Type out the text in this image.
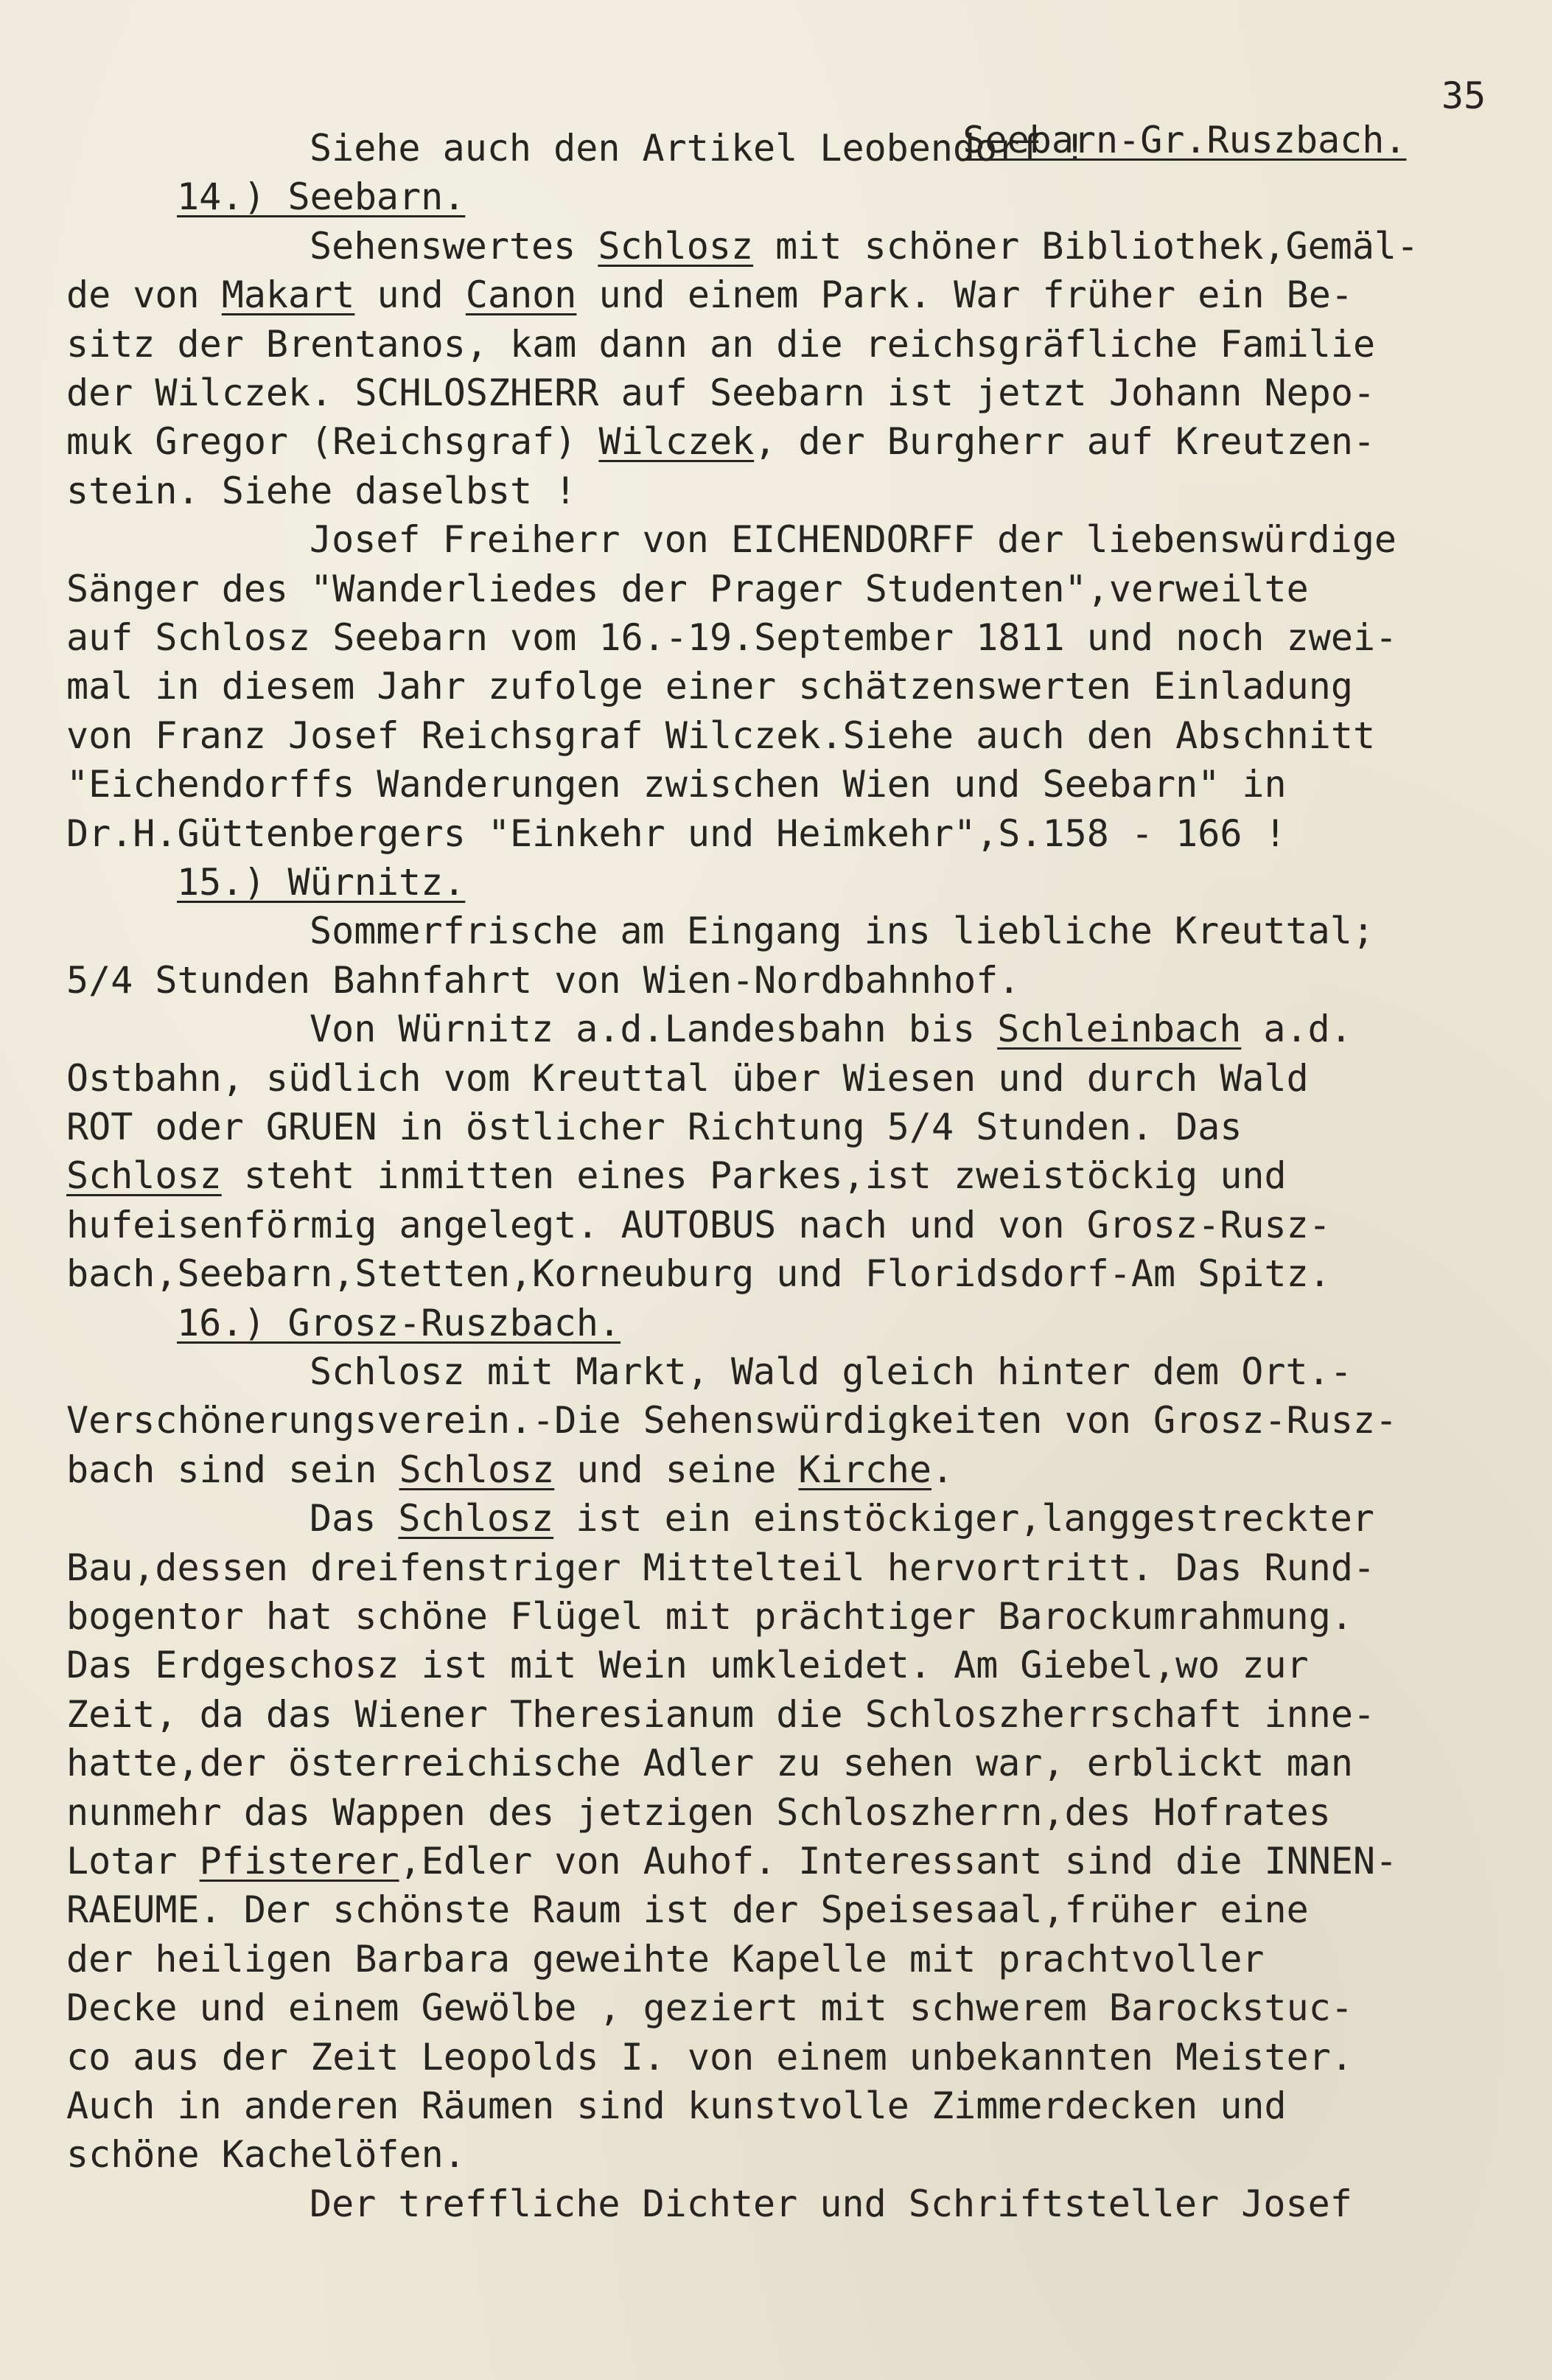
Seebarn-Gr.Ruszbach.

35

Siehe auch den Artikel Leobendorf !
14.) Seebarn.
Sehenswertes Schlosz mit schöner Bibliothek,Gemäl-
de von Makart und Canon und einem Park. War früher ein Be-
sitz der Brentanos, kam dann an die reichsgräfliche Familie
der Wilczek. SCHLOSZHERR auf Seebarn ist jetzt Johann Nepo-
muk Gregor (Reichsgraf) Wilczek, der Burgherr auf Kreutzen-
stein. Siehe daselbst !
Josef Freiherr von EICHENDORFF der liebenswürdige
Sänger des "Wanderliedes der Prager Studenten",verweilte
auf Schlosz Seebarn vom 16.-19.September 1811 und noch zwei-
mal in diesem Jahr zufolge einer schätzenswerten Einladung
von Franz Josef Reichsgraf Wilczek.Siehe auch den Abschnitt
"Eichendorffs Wanderungen zwischen Wien und Seebarn" in
Dr.H.Güttenbergers "Einkehr und Heimkehr",S.158 - 166 !
15.) Würnitz.
Sommerfrische am Eingang ins liebliche Kreuttal;
5/4 Stunden Bahnfahrt von Wien-Nordbahnhof.
Von Würnitz a.d.Landesbahn bis Schleinbach a.d.
Ostbahn, südlich vom Kreuttal über Wiesen und durch Wald
ROT oder GRUEN in östlicher Richtung 5/4 Stunden. Das
Schlosz steht inmitten eines Parkes,ist zweistöckig und
hufeisenförmig angelegt. AUTOBUS nach und von Grosz-Rusz-
bach,Seebarn,Stetten,Korneuburg und Floridsdorf-Am Spitz.
16.) Grosz-Ruszbach.
Schlosz mit Markt, Wald gleich hinter dem Ort.-
Verschönerungsverein.-Die Sehenswürdigkeiten von Grosz-Rusz-
bach sind sein Schlosz und seine Kirche.
Das Schlosz ist ein einstöckiger,langgestreckter
Bau,dessen dreifenstriger Mittelteil hervortritt. Das Rund-
bogentor hat schöne Flügel mit prächtiger Barockumrahmung.
Das Erdgeschosz ist mit Wein umkleidet. Am Giebel,wo zur
Zeit, da das Wiener Theresianum die Schloszherrschaft inne-
hatte,der österreichische Adler zu sehen war, erblickt man
nunmehr das Wappen des jetzigen Schloszherrn,des Hofrates
Lotar Pfisterer,Edler von Auhof. Interessant sind die INNEN-
RAEUME. Der schönste Raum ist der Speisesaal,früher eine
der heiligen Barbara geweihte Kapelle mit prachtvoller
Decke und einem Gewölbe , geziert mit schwerem Barockstuc-
co aus der Zeit Leopolds I. von einem unbekannten Meister.
Auch in anderen Räumen sind kunstvolle Zimmerdecken und
schöne Kachelöfen.
Der treffliche Dichter und Schriftsteller Josef
